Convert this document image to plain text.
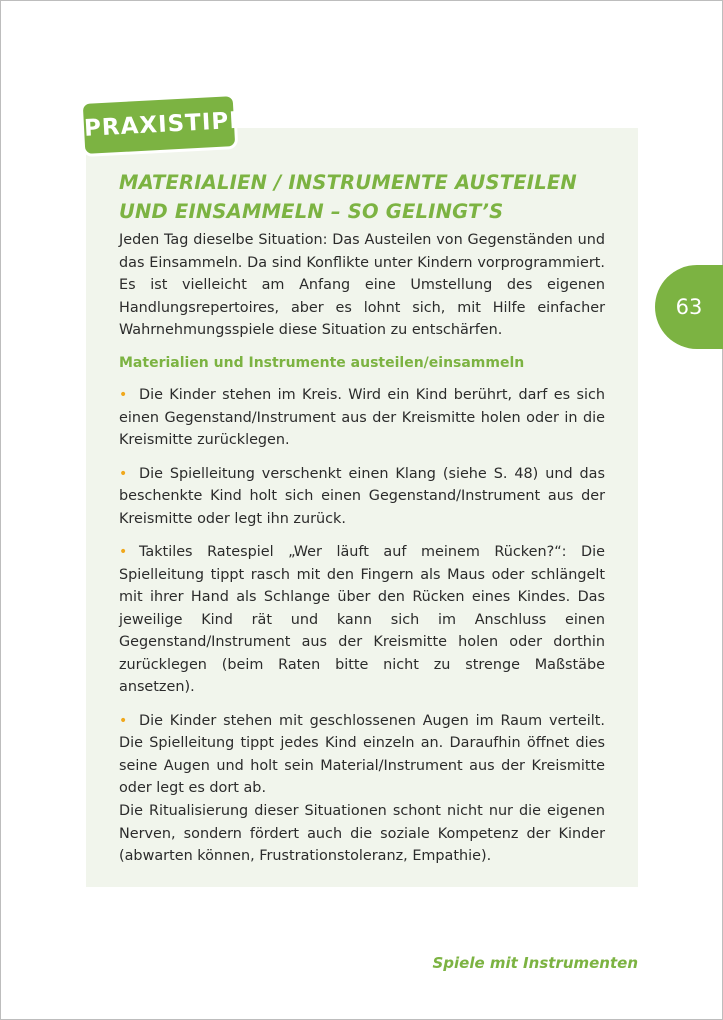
PRAXISTIPP
MATERIALIEN / INSTRUMENTE AUSTEILEN UND EINSAMMELN – SO GELINGT’S

Jeden Tag dieselbe Situation: Das Austeilen von Gegenständen und das Einsammeln. Da sind Konflikte unter Kindern vorprogrammiert. Es ist vielleicht am Anfang eine Umstellung des eigenen Handlungsrepertoires, aber es lohnt sich, mit Hilfe einfacher Wahrnehmungsspiele diese Situation zu entschärfen.

Materialien und Instrumente austeilen/einsammeln

• Die Kinder stehen im Kreis. Wird ein Kind berührt, darf es sich einen Gegenstand/Instrument aus der Kreismitte holen oder in die Kreismitte zurücklegen.
• Die Spielleitung verschenkt einen Klang (siehe S. 48) und das beschenkte Kind holt sich einen Gegenstand/Instrument aus der Kreismitte oder legt ihn zurück.
• Taktiles Ratespiel „Wer läuft auf meinem Rücken?“: Die Spielleitung tippt rasch mit den Fingern als Maus oder schlängelt mit ihrer Hand als Schlange über den Rücken eines Kindes. Das jeweilige Kind rät und kann sich im Anschluss einen Gegenstand/Instrument aus der Kreismitte holen oder dorthin zurücklegen (beim Raten bitte nicht zu strenge Maßstäbe ansetzen).
• Die Kinder stehen mit geschlossenen Augen im Raum verteilt. Die Spielleitung tippt jedes Kind einzeln an. Daraufhin öffnet dies seine Augen und holt sein Material/Instrument aus der Kreismitte oder legt es dort ab.

Die Ritualisierung dieser Situationen schont nicht nur die eigenen Nerven, sondern fördert auch die soziale Kompetenz der Kinder (abwarten können, Frustrationstoleranz, Empathie).

63
Spiele mit Instrumenten
